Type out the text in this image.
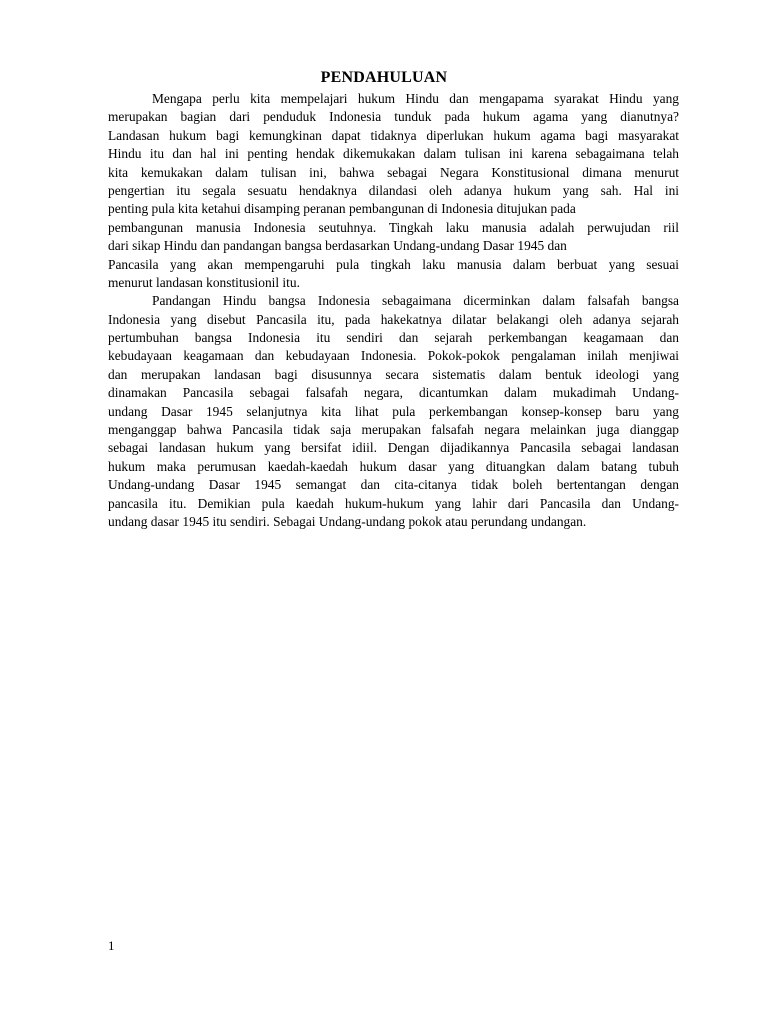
PENDAHULUAN
Mengapa perlu kita mempelajari hukum Hindu dan mengapama syarakat Hindu yang
merupakan bagian dari penduduk Indonesia tunduk pada hukum agama yang dianutnya?
Landasan hukum bagi kemungkinan dapat tidaknya diperlukan hukum agama bagi masyarakat
Hindu itu dan hal ini penting hendak dikemukakan dalam tulisan ini karena sebagaimana telah
kita kemukakan dalam tulisan ini, bahwa sebagai Negara Konstitusional dimana menurut
pengertian itu segala sesuatu hendaknya dilandasi oleh adanya hukum yang sah. Hal ini
penting pula kita ketahui disamping peranan pembangunan di Indonesia ditujukan pada
pembangunan manusia Indonesia seutuhnya. Tingkah laku manusia adalah perwujudan riil
dari sikap Hindu dan pandangan bangsa berdasarkan Undang-undang Dasar 1945 dan
Pancasila yang akan mempengaruhi pula tingkah laku manusia dalam berbuat yang sesuai
menurut landasan konstitusionil itu.
Pandangan Hindu bangsa Indonesia sebagaimana dicerminkan dalam falsafah bangsa
Indonesia yang disebut Pancasila itu, pada hakekatnya dilatar belakangi oleh adanya sejarah
pertumbuhan bangsa Indonesia itu sendiri dan sejarah perkembangan keagamaan dan
kebudayaan keagamaan dan kebudayaan Indonesia. Pokok-pokok pengalaman inilah menjiwai
dan merupakan landasan bagi disusunnya secara sistematis dalam bentuk ideologi yang
dinamakan Pancasila sebagai falsafah negara, dicantumkan dalam mukadimah Undang-
undang Dasar 1945 selanjutnya kita lihat pula perkembangan konsep-konsep baru yang
menganggap bahwa Pancasila tidak saja merupakan falsafah negara melainkan juga dianggap
sebagai landasan hukum yang bersifat idiil. Dengan dijadikannya Pancasila sebagai landasan
hukum maka perumusan kaedah-kaedah hukum dasar yang dituangkan dalam batang tubuh
Undang-undang Dasar 1945 semangat dan cita-citanya tidak boleh bertentangan dengan
pancasila itu. Demikian pula kaedah hukum-hukum yang lahir dari Pancasila dan Undang-
undang dasar 1945 itu sendiri. Sebagai Undang-undang pokok atau perundang undangan.
1
